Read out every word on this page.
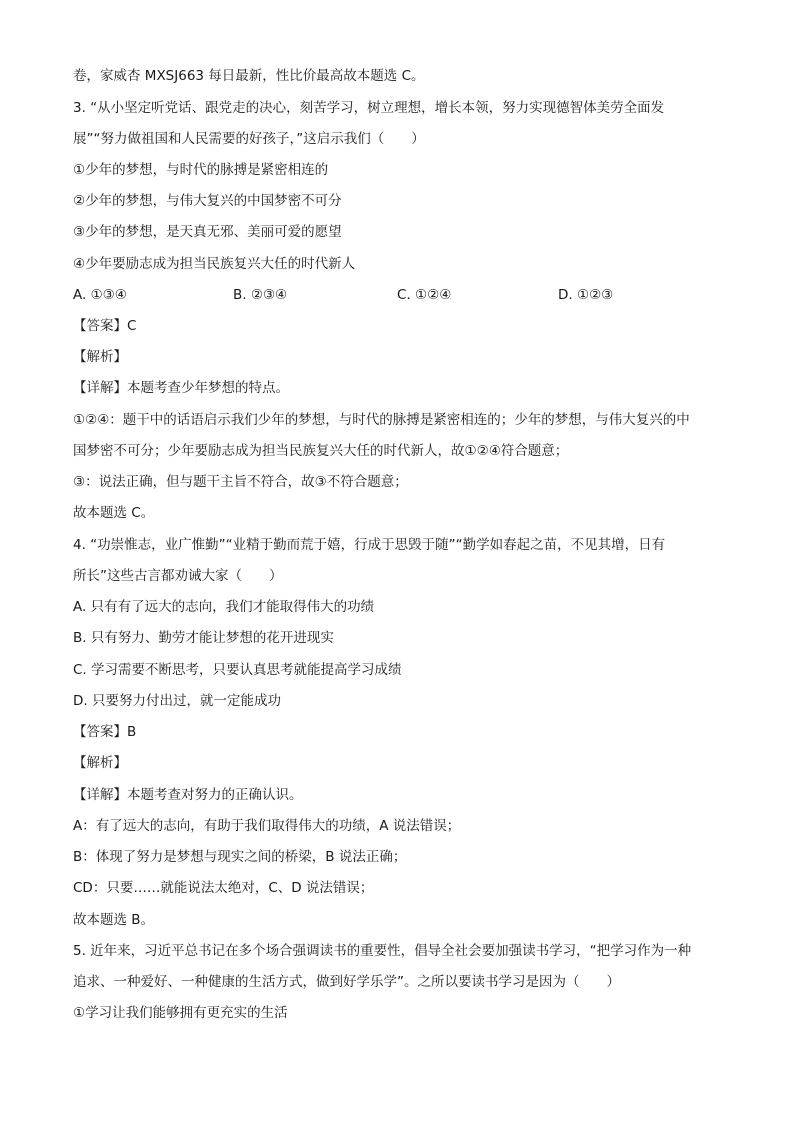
卷，家威杏 MXSJ663 每日最新，性比价最高故本题选 C。
3. “从小坚定听党话、跟党走的决心，刻苦学习，树立理想，增长本领，努力实现德智体美劳全面发
展”“努力做祖国和人民需要的好孩子，”这启示我们（　　）
①少年的梦想，与时代的脉搏是紧密相连的
②少年的梦想，与伟大复兴的中国梦密不可分
③少年的梦想，是天真无邪、美丽可爱的愿望
④少年要励志成为担当民族复兴大任的时代新人
A. ①③④	B. ②③④	C. ①②④	D. ①②③
【答案】C
【解析】
【详解】本题考查少年梦想的特点。
①②④：题干中的话语启示我们少年的梦想，与时代的脉搏是紧密相连的；少年的梦想，与伟大复兴的中
国梦密不可分；少年要励志成为担当民族复兴大任的时代新人，故①②④符合题意；
③：说法正确，但与题干主旨不符合，故③不符合题意；
故本题选 C。
4. “功崇惟志，业广惟勤”“业精于勤而荒于嬉，行成于思毁于随”“勤学如春起之苗，不见其增，日有
所长”这些古言都劝诫大家（　　）
A. 只有有了远大的志向，我们才能取得伟大的功绩
B. 只有努力、勤劳才能让梦想的花开进现实
C. 学习需要不断思考，只要认真思考就能提高学习成绩
D. 只要努力付出过，就一定能成功
【答案】B
【解析】
【详解】本题考查对努力的正确认识。
A：有了远大的志向，有助于我们取得伟大的功绩，A 说法错误；
B：体现了努力是梦想与现实之间的桥梁，B 说法正确；
CD：只要……就能说法太绝对，C、D 说法错误；
故本题选 B。
5. 近年来，习近平总书记在多个场合强调读书的重要性，倡导全社会要加强读书学习，“把学习作为一种
追求、一种爱好、一种健康的生活方式，做到好学乐学”。之所以要读书学习是因为（　　）
①学习让我们能够拥有更充实的生活
